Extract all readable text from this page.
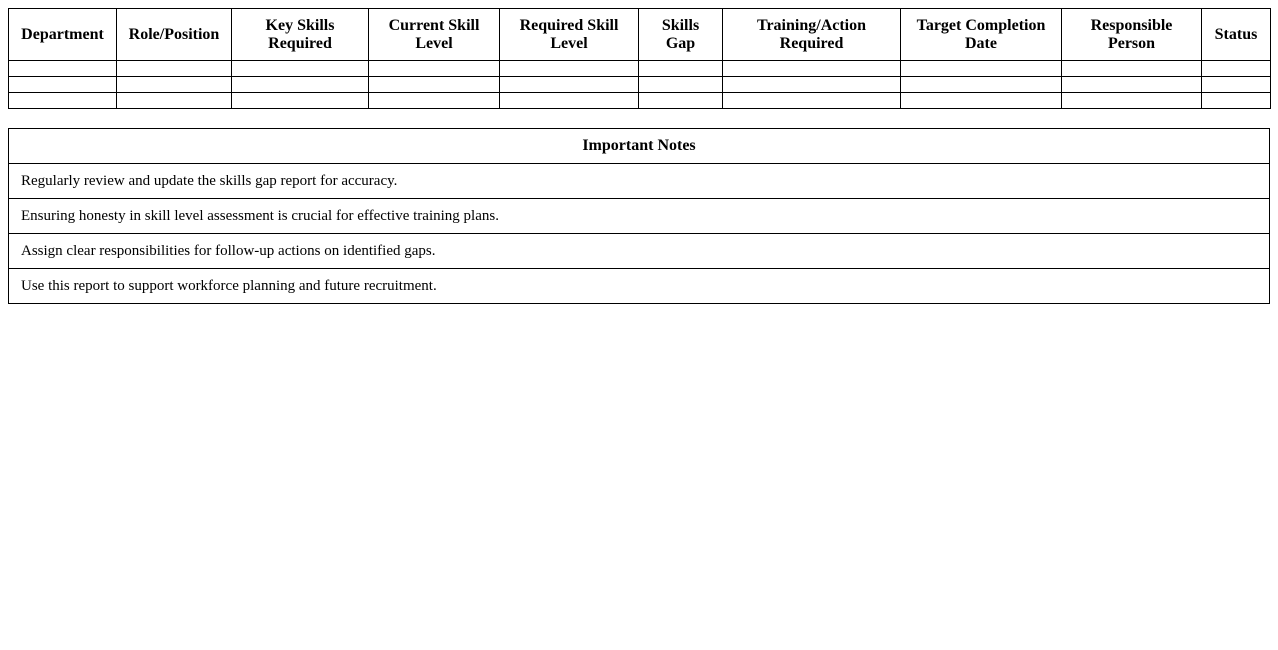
Department	Role/Position	Key Skills Required	Current Skill Level	Required Skill Level	Skills Gap	Training/Action Required	Target Completion Date	Responsible Person	Status

Important Notes
Regularly review and update the skills gap report for accuracy.
Ensuring honesty in skill level assessment is crucial for effective training plans.
Assign clear responsibilities for follow-up actions on identified gaps.
Use this report to support workforce planning and future recruitment.
